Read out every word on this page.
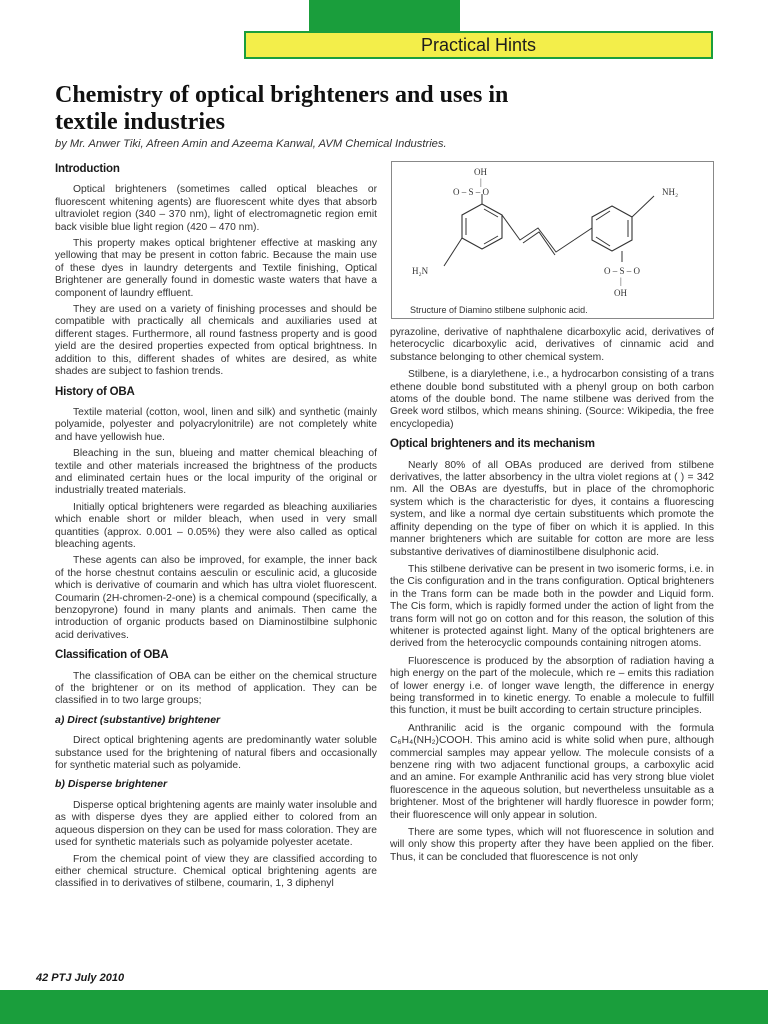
Practical Hints
Chemistry of optical brighteners and uses in textile industries
by Mr. Anwer Tiki, Afreen Amin and Azeema Kanwal, AVM Chemical Industries.
Introduction

Optical brighteners (sometimes called optical bleaches or fluorescent whitening agents) are fluorescent white dyes that absorb ultraviolet region (340 – 370 nm), light of electromagnetic region emit back visible blue light region (420 – 470 nm).

This property makes optical brightener effective at masking any yellowing that may be present in cotton fabric. Because the main use of these dyes in laundry detergents and Textile finishing, Optical Brightener are generally found in domestic waste waters that have a component of laundry effluent.

They are used on a variety of finishing processes and should be compatible with practically all chemicals and auxiliaries used at different stages. Furthermore, all round fastness property and is good yield are the desired properties expected from optical brightness. In addition to this, different shades of whites are desired, as white shades are subject to fashion trends.

History of OBA

Textile material (cotton, wool, linen and silk) and synthetic (mainly polyamide, polyester and polyacrylonitrile) are not completely white and have yellowish hue.

Bleaching in the sun, blueing and matter chemical bleaching of textile and other materials increased the brightness of the products and eliminated certain hues or the local impurity of the original or industrially treated materials.

Initially optical brighteners were regarded as bleaching auxiliaries which enable short or milder bleach, when used in very small quantities (approx. 0.001 – 0.05%) they were also called as optical bleaching agents.

These agents can also be improved, for example, the inner back of the horse chestnut contains aesculin or esculinic acid, a glucoside which is derivative of coumarin and which has ultra violet fluorescent. Coumarin (2H-chromen-2-one) is a chemical compound (specifically, a benzopyrone) found in many plants and animals. Then came the introduction of organic products based on Diaminostilbine sulphonic acid derivatives.

Classification of OBA

The classification of OBA can be either on the chemical structure of the brightener or on its method of application. They can be classified in to two large groups;

a) Direct (substantive) brightener

Direct optical brightening agents are predominantly water soluble substance used for the brightening of natural fibers and occasionally for synthetic material such as polyamide.

b) Disperse brightener

Disperse optical brightening agents are mainly water insoluble and as with disperse dyes they are applied either to colored from an aqueous dispersion on they can be used for mass coloration. They are used for synthetic materials such as polyamide polyester acetate.

From the chemical point of view they are classified according to either chemical structure. Chemical optical brightening agents are classified in to derivatives of stilbene, coumarin, 1, 3 diphenyl

OH
|
O – S – O	NH₂
H₂N	O – S – O
|
OH
Structure of Diamino stilbene sulphonic acid.

pyrazoline, derivative of naphthalene dicarboxylic acid, derivatives of heterocyclic dicarboxylic acid, derivatives of cinnamic acid and substance belonging to other chemical system.

Stilbene, is a diarylethene, i.e., a hydrocarbon consisting of a trans ethene double bond substituted with a phenyl group on both carbon atoms of the double bond. The name stilbene was derived from the Greek word stilbos, which means shining. (Source: Wikipedia, the free encyclopedia)

Optical brighteners and its mechanism

Nearly 80% of all OBAs produced are derived from stilbene derivatives, the latter absorbency in the ultra violet regions at ( ) = 342 nm. All the OBAs are dyestuffs, but in place of the chromophoric system which is the characteristic for dyes, it contains a fluorescing system, and like a normal dye certain substituents which promote the affinity depending on the type of fiber on which it is applied. In this manner brighteners which are suitable for cotton are more are less substantive derivatives of diaminostilbene disulphonic acid.

This stilbene derivative can be present in two isomeric forms, i.e. in the Cis configuration and in the trans configuration. Optical brighteners in the Trans form can be made both in the powder and Liquid form. The Cis form, which is rapidly formed under the action of light from the trans form will not go on cotton and for this reason, the solution of this whitener is protected against light. Many of the optical brighteners are derived from the heterocyclic compounds containing nitrogen atoms.

Fluorescence is produced by the absorption of radiation having a high energy on the part of the molecule, which re – emits this radiation of lower energy i.e. of longer wave length, the difference in energy being transformed in to kinetic energy. To enable a molecule to fulfill this function, it must be built according to certain structure principles.

Anthranilic acid is the organic compound with the formula C₆H₄(NH₂)COOH. This amino acid is white solid when pure, although commercial samples may appear yellow. The molecule consists of a benzene ring with two adjacent functional groups, a carboxylic acid and an amine. For example Anthranilic acid has very strong blue violet fluorescence in the aqueous solution, but nevertheless unsuitable as a brightener. Most of the brightener will hardly fluoresce in powder form; their fluorescence will only appear in solution.

There are some types, which will not fluorescence in solution and will only show this property after they have been applied on the fiber. Thus, it can be concluded that fluorescence is not only

42 PTJ July 2010
